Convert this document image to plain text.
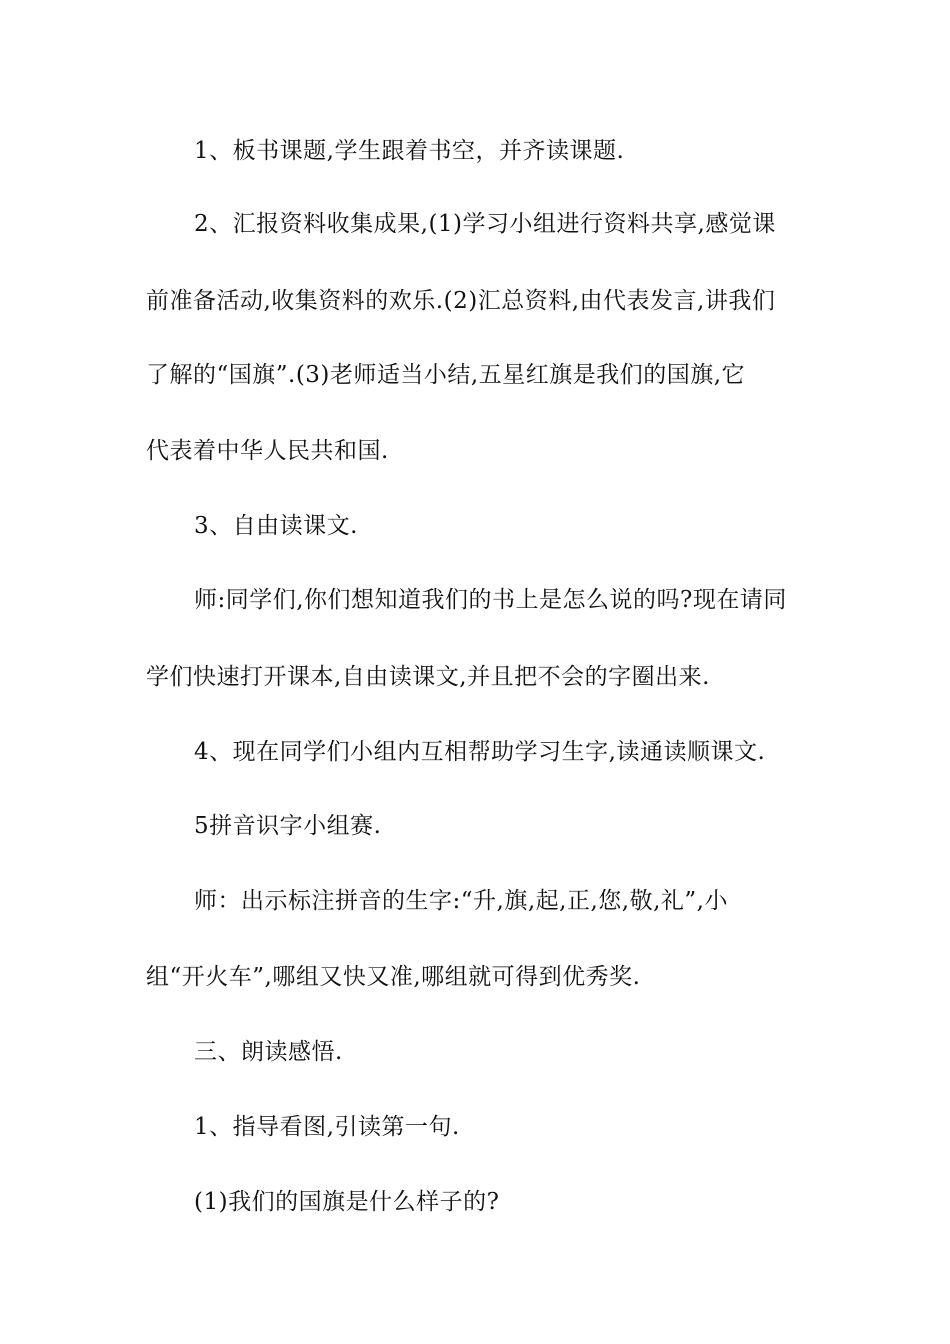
1、板书课题,学生跟着书空，并齐读课题.
2、汇报资料收集成果,(1)学习小组进行资料共享,感觉课
前准备活动,收集资料的欢乐.(2)汇总资料,由代表发言,讲我们
了解的“国旗”.(3)老师适当小结,五星红旗是我们的国旗,它
代表着中华人民共和国.
3、自由读课文.
师:同学们,你们想知道我们的书上是怎么说的吗?现在请同
学们快速打开课本,自由读课文,并且把不会的字圈出来.
4、现在同学们小组内互相帮助学习生字,读通读顺课文.
5拼音识字小组赛.
师：出示标注拼音的生字:“升,旗,起,正,您,敬,礼”,小
组“开火车”,哪组又快又准,哪组就可得到优秀奖.
三、朗读感悟.
1、指导看图,引读第一句.
(1)我们的国旗是什么样子的?
